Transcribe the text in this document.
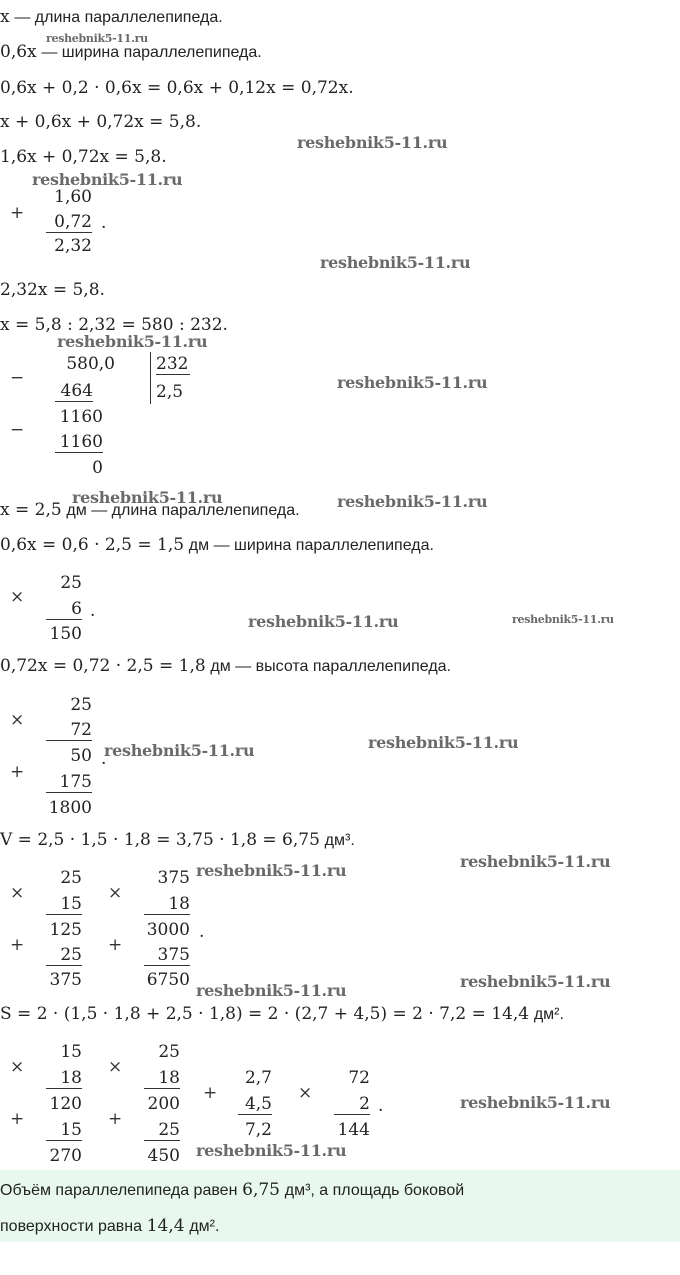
x — длина параллелепипеда.
0,6x — ширина параллелепипеда.
0,6x + 0,2 · 0,6x = 0,6x + 0,12x = 0,72x.
x + 0,6x + 0,72x = 5,8.
1,6x + 0,72x = 5,8.
+
1,60
0,72
2,32
.
2,32x = 5,8.
x = 5,8 : 2,32 = 580 : 232.
−
−
580,0
464
1160
1160
0
232
2,5
x = 2,5 дм — длина параллелепипеда.
0,6x = 0,6 · 2,5 = 1,5 дм — ширина параллелепипеда.
×
25
6
150
.
0,72x = 0,72 · 2,5 = 1,8 дм — высота параллелепипеда.
×
+
25
72
50
175
1800
.
V = 2,5 · 1,5 · 1,8 = 3,75 · 1,8 = 6,75 дм³.
×
+
25
15
125
25
375
×
+
375
18
3000
375
6750
.
S = 2 · (1,5 · 1,8 + 2,5 · 1,8) = 2 · (2,7 + 4,5) = 2 · 7,2 = 14,4 дм².
×
+
15
18
120
15
270
×
+
25
18
200
25
450
+
2,7
4,5
7,2
×
72
2
144
.
Объём параллелепипеда равен 6,75 дм³, а площадь боковой
поверхности равна 14,4 дм².
reshebnik5-11.ru
reshebnik5-11.ru
reshebnik5-11.ru
reshebnik5-11.ru
reshebnik5-11.ru
reshebnik5-11.ru
reshebnik5-11.ru	reshebnik5-11.ru
reshebnik5-11.ru	reshebnik5-11.ru
reshebnik5-11.ru
reshebnik5-11.ru
reshebnik5-11.ru
reshebnik5-11.ru
reshebnik5-11.ru
reshebnik5-11.ru
reshebnik5-11.ru
reshebnik5-11.ru
